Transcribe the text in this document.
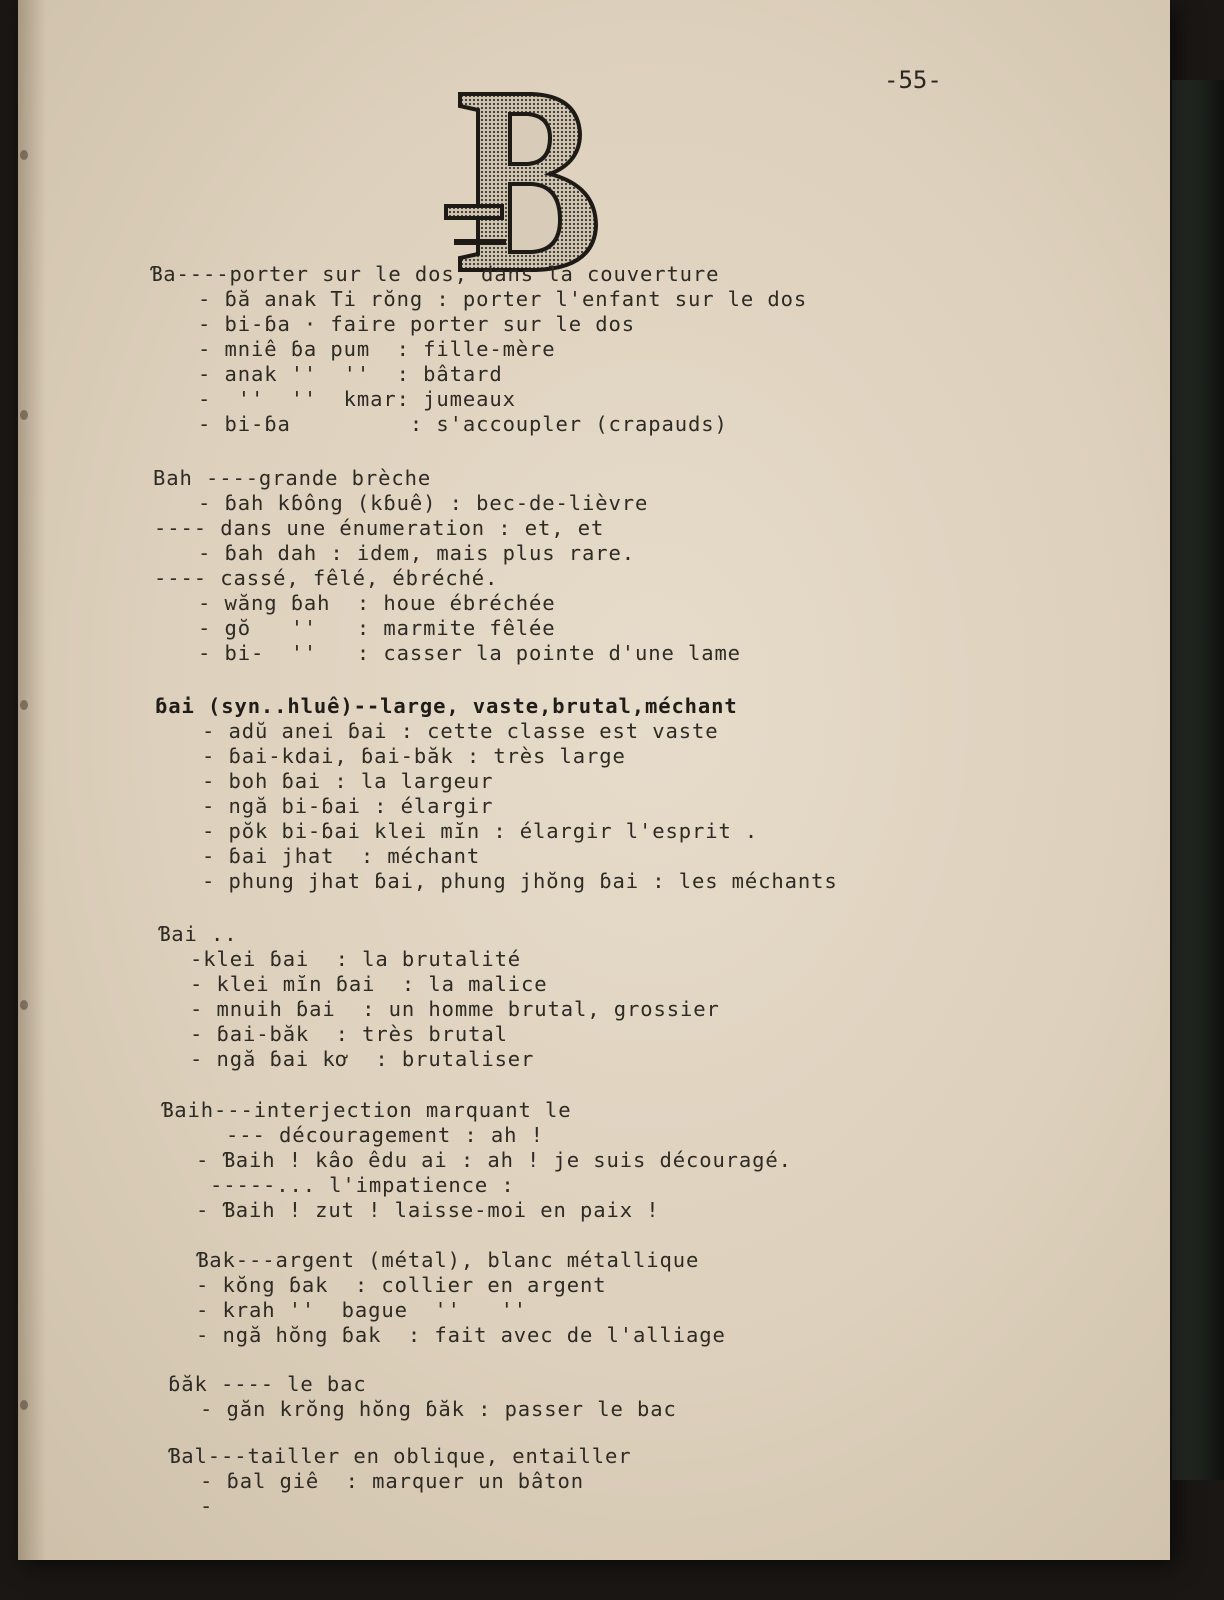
-55-

Ɓa----porter sur le dos, dans la couverture

- ɓă anak Ti rŏng : porter l'enfant sur le dos

- bi-ɓa · faire porter sur le dos

- mniê ɓa pum  : fille-mère

- anak ''  ''  : bâtard

-  ''  ''  kmar: jumeaux

- bi-ɓa         : s'accoupler (crapauds)

Bah ----grande brèche

- ɓah kɓông (kɓuê) : bec-de-lièvre

---- dans une énumeration : et, et

- ɓah dah : idem, mais plus rare.

---- cassé, fêlé, ébréché.

- wăng ɓah  : houe ébréchée

- gŏ   ''   : marmite fêlée

- bi-  ''   : casser la pointe d'une lame

ɓai (syn..hluê)--large, vaste,brutal,méchant

- adŭ anei ɓai : cette classe est vaste

- ɓai-kdai, ɓai-băk : très large

- boh ɓai : la largeur

- ngă bi-ɓai : élargir

- pŏk bi-ɓai klei mĭn : élargir l'esprit .

- ɓai jhat  : méchant

- phung jhat ɓai, phung jhŏng ɓai : les méchants

Ɓai ..

-klei ɓai  : la brutalité

- klei mĭn ɓai  : la malice

- mnuih ɓai  : un homme brutal, grossier

- ɓai-băk  : très brutal

- ngă ɓai kơ  : brutaliser

Ɓaih---interjection marquant le

--- découragement : ah !

- Ɓaih ! kâo êdu ai : ah ! je suis découragé.

-----... l'impatience :

- Ɓaih ! zut ! laisse-moi en paix !

Ɓak---argent (métal), blanc métallique

- kŏng ɓak  : collier en argent

- krah ''  bague  ''   ''

- ngă hŏng ɓak  : fait avec de l'alliage

ɓăk ---- le bac

- găn krŏng hŏng ɓăk : passer le bac

Ɓal---tailler en oblique, entailler

- ɓal giê  : marquer un bâton

-
